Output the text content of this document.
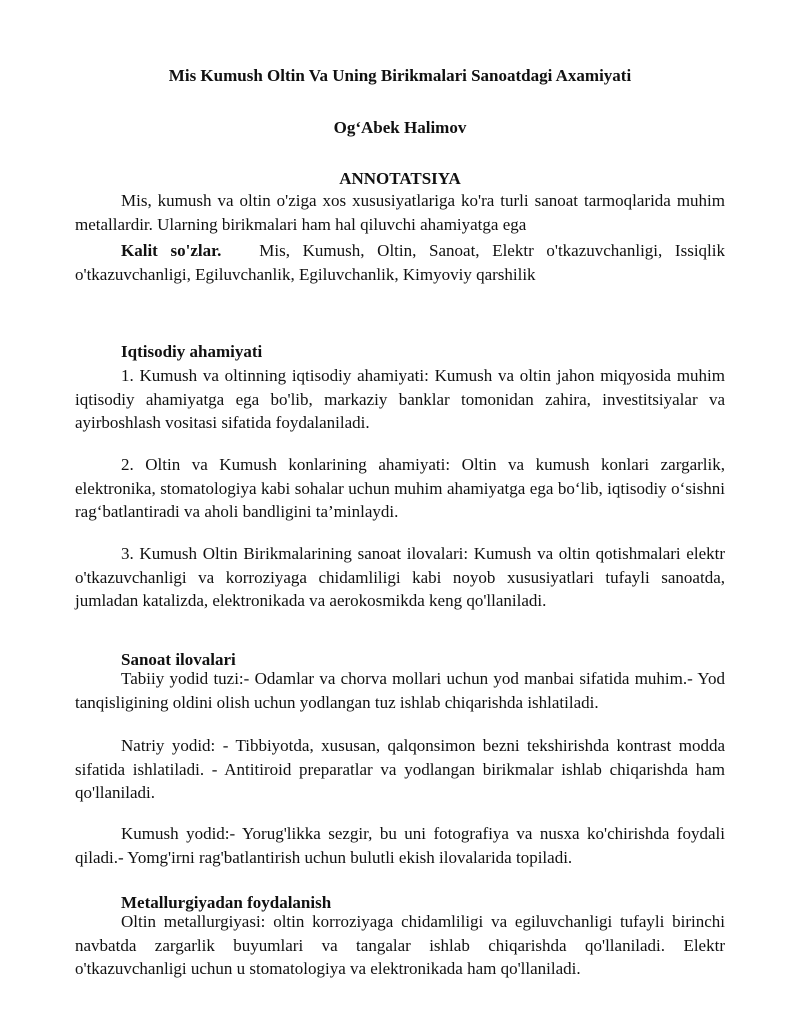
Mis Kumush Oltin Va Uning Birikmalari Sanoatdagi Axamiyati

Og‘Abek Halimov

ANNOTATSIYA

Mis, kumush va oltin o'ziga xos xususiyatlariga ko'ra turli sanoat tarmoqlarida muhim metallardir. Ularning birikmalari ham hal qiluvchi ahamiyatga ega

Kalit so'zlar. Mis, Kumush, Oltin, Sanoat, Elektr o'tkazuvchanligi, Issiqlik o'tkazuvchanligi, Egiluvchanlik, Egiluvchanlik, Kimyoviy qarshilik

Iqtisodiy ahamiyati

1. Kumush va oltinning iqtisodiy ahamiyati: Kumush va oltin jahon miqyosida muhim iqtisodiy ahamiyatga ega bo'lib, markaziy banklar tomonidan zahira, investitsiyalar va ayirboshlash vositasi sifatida foydalaniladi.

2. Oltin va Kumush konlarining ahamiyati: Oltin va kumush konlari zargarlik, elektronika, stomatologiya kabi sohalar uchun muhim ahamiyatga ega bo‘lib, iqtisodiy o‘sishni rag‘batlantiradi va aholi bandligini ta’minlaydi.

3. Kumush Oltin Birikmalarining sanoat ilovalari: Kumush va oltin qotishmalari elektr o'tkazuvchanligi va korroziyaga chidamliligi kabi noyob xususiyatlari tufayli sanoatda, jumladan katalizda, elektronikada va aerokosmikda keng qo'llaniladi.

Sanoat ilovalari

Tabiiy yodid tuzi:- Odamlar va chorva mollari uchun yod manbai sifatida muhim.- Yod tanqisligining oldini olish uchun yodlangan tuz ishlab chiqarishda ishlatiladi.

Natriy yodid: - Tibbiyotda, xususan, qalqonsimon bezni tekshirishda kontrast modda sifatida ishlatiladi. - Antitiroid preparatlar va yodlangan birikmalar ishlab chiqarishda ham qo'llaniladi.

Kumush yodid:- Yorug'likka sezgir, bu uni fotografiya va nusxa ko'chirishda foydali qiladi.- Yomg'irni rag'batlantirish uchun bulutli ekish ilovalarida topiladi.

Metallurgiyadan foydalanish

Oltin metallurgiyasi: oltin korroziyaga chidamliligi va egiluvchanligi tufayli birinchi navbatda zargarlik buyumlari va tangalar ishlab chiqarishda qo'llaniladi. Elektr o'tkazuvchanligi uchun u stomatologiya va elektronikada ham qo'llaniladi.
